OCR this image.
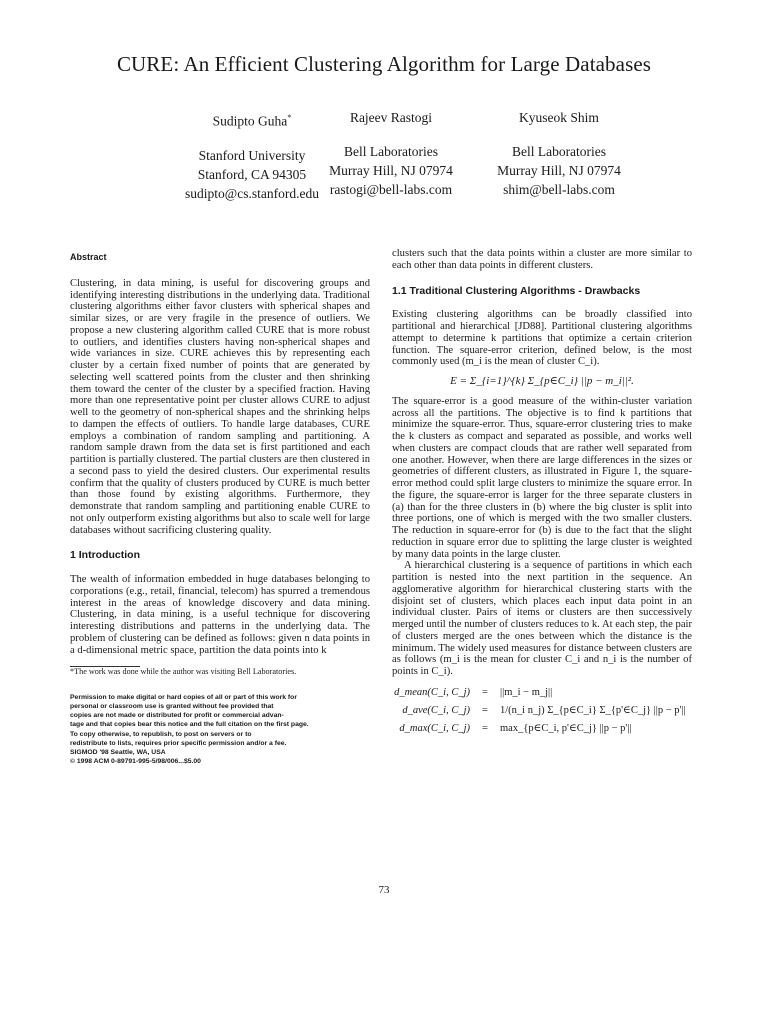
CURE: An Efficient Clustering Algorithm for Large Databases
Sudipto Guha*
Stanford University
Stanford, CA 94305
sudipto@cs.stanford.edu
Rajeev Rastogi
Bell Laboratories
Murray Hill, NJ 07974
rastogi@bell-labs.com
Kyuseok Shim
Bell Laboratories
Murray Hill, NJ 07974
shim@bell-labs.com
Abstract

Clustering, in data mining, is useful for discovering groups and identifying interesting distributions in the underlying data. Traditional clustering algorithms either favor clusters with spherical shapes and similar sizes, or are very fragile in the presence of outliers. We propose a new clustering algorithm called CURE that is more robust to outliers, and identifies clusters having non-spherical shapes and wide variances in size. CURE achieves this by representing each cluster by a certain fixed number of points that are generated by selecting well scattered points from the cluster and then shrinking them toward the center of the cluster by a specified fraction. Having more than one representative point per cluster allows CURE to adjust well to the geometry of non-spherical shapes and the shrinking helps to dampen the effects of outliers. To handle large databases, CURE employs a combination of random sampling and partitioning. A random sample drawn from the data set is first partitioned and each partition is partially clustered. The partial clusters are then clustered in a second pass to yield the desired clusters. Our experimental results confirm that the quality of clusters produced by CURE is much better than those found by existing algorithms. Furthermore, they demonstrate that random sampling and partitioning enable CURE to not only outperform existing algorithms but also to scale well for large databases without sacrificing clustering quality.

1 Introduction

The wealth of information embedded in huge databases belonging to corporations (e.g., retail, financial, telecom) has spurred a tremendous interest in the areas of knowledge discovery and data mining. Clustering, in data mining, is a useful technique for discovering interesting distributions and patterns in the underlying data. The problem of clustering can be defined as follows: given n data points in a d-dimensional metric space, partition the data points into k

*The work was done while the author was visiting Bell Laboratories.

Permission to make digital or hard copies of all or part of this work for
personal or classroom use is granted without fee provided that
copies are not made or distributed for profit or commercial advan-
tage and that copies bear this notice and the full citation on the first page.
To copy otherwise, to republish, to post on servers or to
redistribute to lists, requires prior specific permission and/or a fee.
SIGMOD '98 Seattle, WA, USA
© 1998 ACM 0-89791-995-5/98/006...$5.00

clusters such that the data points within a cluster are more similar to each other than data points in different clusters.

1.1 Traditional Clustering Algorithms - Drawbacks

Existing clustering algorithms can be broadly classified into partitional and hierarchical [JD88]. Partitional clustering algorithms attempt to determine k partitions that optimize a certain criterion function. The square-error criterion, defined below, is the most commonly used (m_i is the mean of cluster C_i).

E = Σ_{i=1}^{k} Σ_{p∈C_i} ||p − m_i||².

The square-error is a good measure of the within-cluster variation across all the partitions. The objective is to find k partitions that minimize the square-error. Thus, square-error clustering tries to make the k clusters as compact and separated as possible, and works well when clusters are compact clouds that are rather well separated from one another. However, when there are large differences in the sizes or geometries of different clusters, as illustrated in Figure 1, the square-error method could split large clusters to minimize the square error. In the figure, the square-error is larger for the three separate clusters in (a) than for the three clusters in (b) where the big cluster is split into three portions, one of which is merged with the two smaller clusters. The reduction in square-error for (b) is due to the fact that the slight reduction in square error due to splitting the large cluster is weighted by many data points in the large cluster.

A hierarchical clustering is a sequence of partitions in which each partition is nested into the next partition in the sequence. An agglomerative algorithm for hierarchical clustering starts with the disjoint set of clusters, which places each input data point in an individual cluster. Pairs of items or clusters are then successively merged until the number of clusters reduces to k. At each step, the pair of clusters merged are the ones between which the distance is the minimum. The widely used measures for distance between clusters are as follows (m_i is the mean for cluster C_i and n_i is the number of points in C_i).

d_mean(C_i, C_j)	=	||m_i − m_j||
d_ave(C_i, C_j)	=	1/(n_i n_j) Σ_{p∈C_i} Σ_{p'∈C_j} ||p − p'||
d_max(C_i, C_j)	=	max_{p∈C_i, p'∈C_j} ||p − p'||
73
